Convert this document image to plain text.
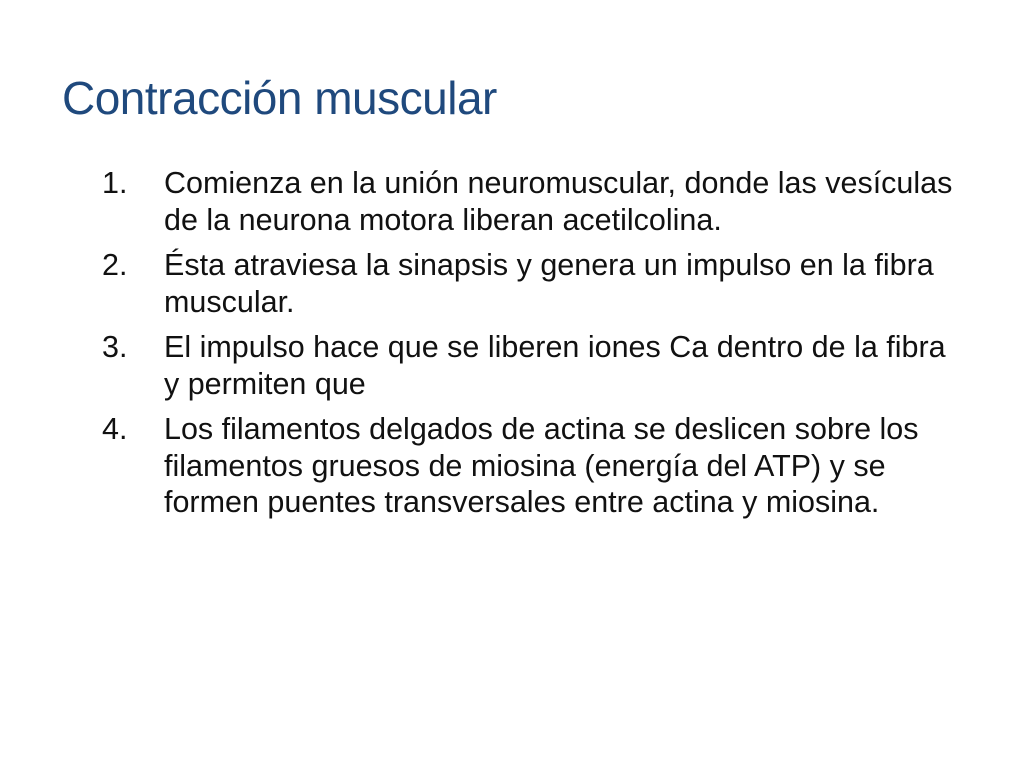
Contracción muscular
1.	Comienza en la unión neuromuscular, donde las vesículas de la neurona motora liberan acetilcolina.
2.	Ésta atraviesa la sinapsis y genera un impulso en la fibra muscular.
3.	El impulso hace que se liberen iones Ca dentro de la fibra y permiten que
4.	Los filamentos delgados de actina se deslicen sobre los filamentos gruesos de miosina (energía del ATP) y se formen puentes transversales entre actina y miosina.
